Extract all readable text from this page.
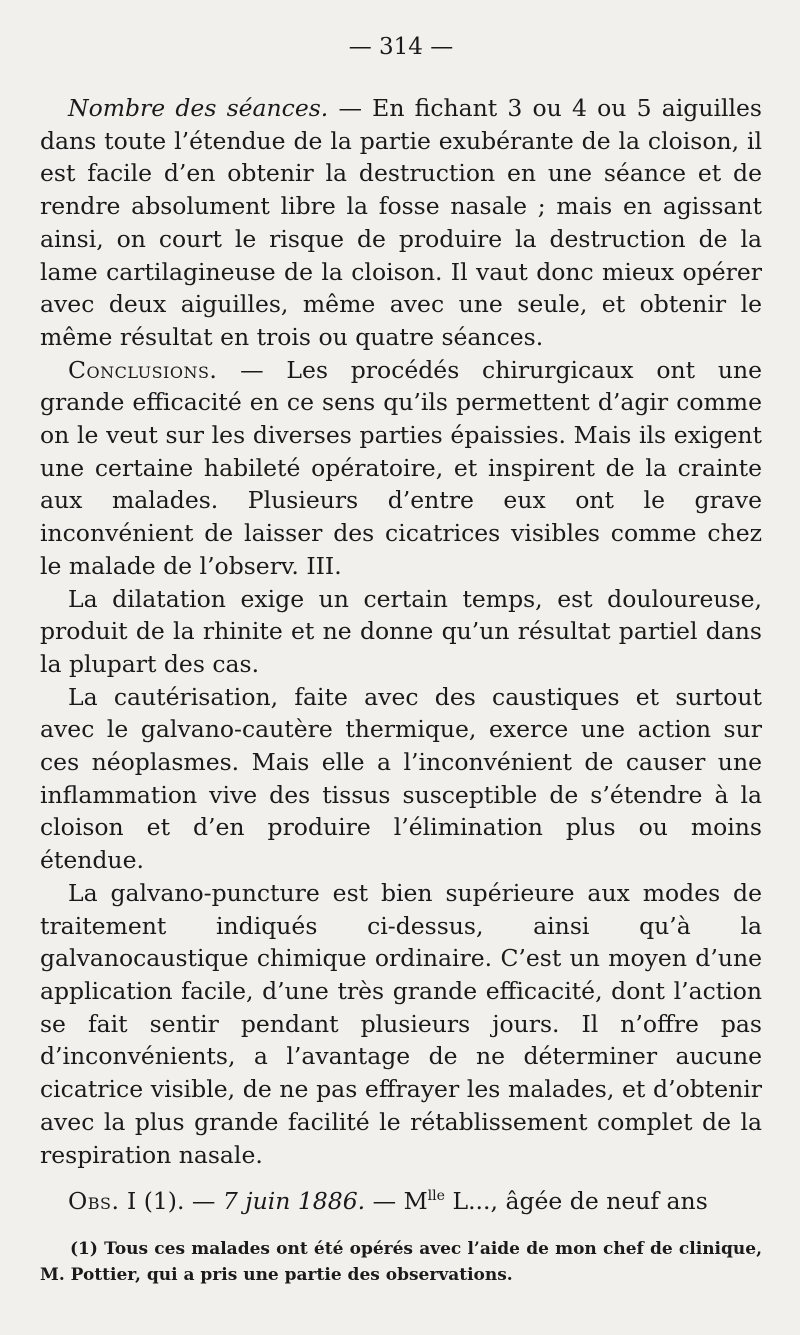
— 314 —

Nombre des séances. — En fichant 3 ou 4 ou 5 aiguilles dans toute l’étendue de la partie exubérante de la cloison, il est facile d’en obtenir la destruction en une séance et de rendre absolument libre la fosse nasale ; mais en agissant ainsi, on court le risque de produire la destruction de la lame cartilagineuse de la cloison. Il vaut donc mieux opérer avec deux aiguilles, même avec une seule, et obtenir le même résultat en trois ou quatre séances.

Conclusions. — Les procédés chirurgicaux ont une grande efficacité en ce sens qu’ils permettent d’agir comme on le veut sur les diverses parties épaissies. Mais ils exigent une certaine habileté opératoire, et inspirent de la crainte aux malades. Plusieurs d’entre eux ont le grave inconvénient de laisser des cicatrices visibles comme chez le malade de l’observ. III.

La dilatation exige un certain temps, est douloureuse, produit de la rhinite et ne donne qu’un résultat partiel dans la plupart des cas.

La cautérisation, faite avec des caustiques et surtout avec le galvano-cautère thermique, exerce une action sur ces néoplasmes. Mais elle a l’inconvénient de causer une inflammation vive des tissus susceptible de s’étendre à la cloison et d’en produire l’élimination plus ou moins étendue.

La galvano-puncture est bien supérieure aux modes de traitement indiqués ci-dessus, ainsi qu’à la galvanocaustique chimique ordinaire. C’est un moyen d’une application facile, d’une très grande efficacité, dont l’action se fait sentir pendant plusieurs jours. Il n’offre pas d’inconvénients, a l’avantage de ne déterminer aucune cicatrice visible, de ne pas effrayer les malades, et d’obtenir avec la plus grande facilité le rétablissement complet de la respiration nasale.

Obs. I (1). — 7 juin 1886. — $M^{lle}$ L..., âgée de neuf ans

(1) Tous ces malades ont été opérés avec l’aide de mon chef de clinique, M. Pottier, qui a pris une partie des observations.
